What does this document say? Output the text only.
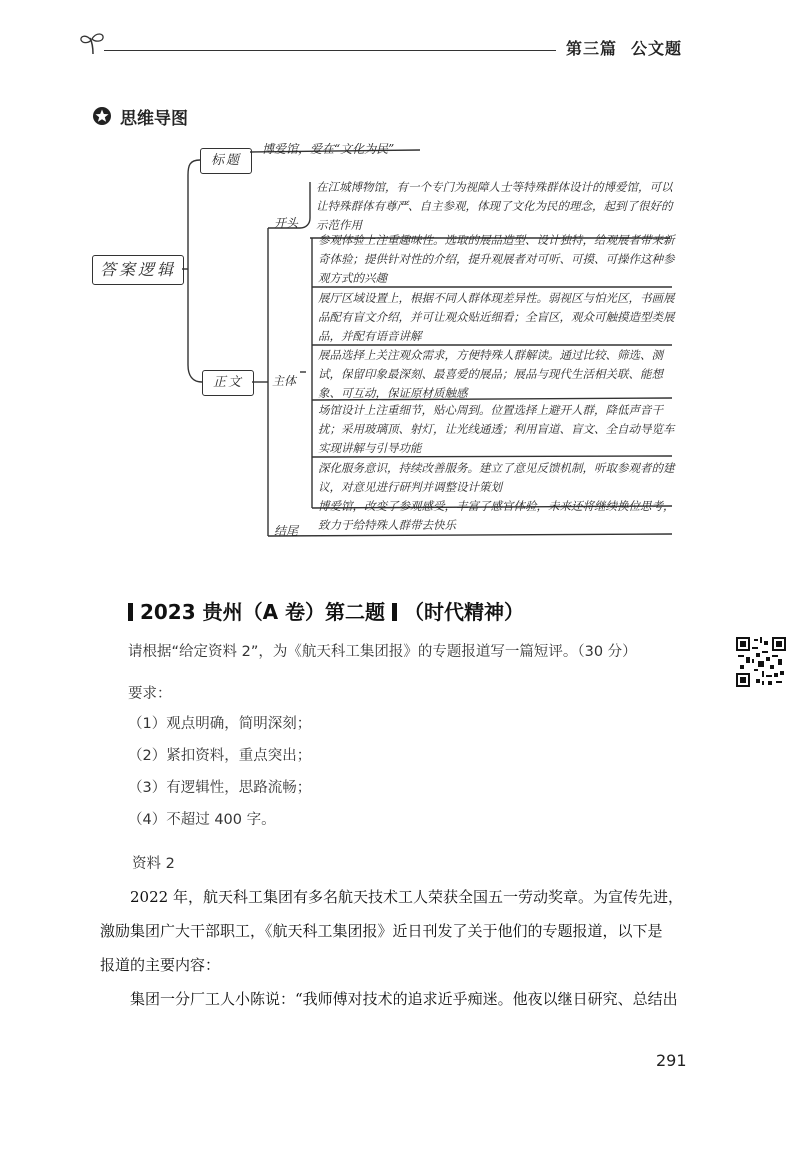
第三篇 公文题
思维导图
答案逻辑
标题
博爱馆，爱在“文化为民”
正文
开头
主体
结尾
在江城博物馆，有一个专门为视障人士等特殊群体设计的博爱馆，可以让特殊群体有尊严、自主参观，体现了文化为民的理念，起到了很好的示范作用
参观体验上注重趣味性。选取的展品造型、设计独特，给观展者带来新奇体验；提供针对性的介绍，提升观展者对可听、可摸、可操作这种参观方式的兴趣
展厅区域设置上，根据不同人群体现差异性。弱视区与怕光区，书画展品配有盲文介绍，并可让观众贴近细看；全盲区，观众可触摸造型类展品，并配有语音讲解
展品选择上关注观众需求，方便特殊人群解读。通过比较、筛选、测试，保留印象最深刻、最喜爱的展品；展品与现代生活相关联、能想象、可互动，保证原材质触感
场馆设计上注重细节，贴心周到。位置选择上避开人群，降低声音干扰；采用玻璃顶、射灯，让光线通透；利用盲道、盲文、全自动导览车实现讲解与引导功能
深化服务意识，持续改善服务。建立了意见反馈机制，听取参观者的建议，对意见进行研判并调整设计策划
博爱馆，改变了参观感受，丰富了感官体验，未来还将继续换位思考，致力于给特殊人群带去快乐
2023 贵州（A 卷）第二题 （时代精神）
请根据“给定资料 2”，为《航天科工集团报》的专题报道写一篇短评。（30 分）
要求：
（1）观点明确，简明深刻；
（2）紧扣资料，重点突出；
（3）有逻辑性，思路流畅；
（4）不超过 400 字。
资料 2
2022 年，航天科工集团有多名航天技术工人荣获全国五一劳动奖章。为宣传先进，
激励集团广大干部职工，《航天科工集团报》近日刊发了关于他们的专题报道，以下是
报道的主要内容：
集团一分厂工人小陈说：“我师傅对技术的追求近乎痴迷。他夜以继日研究、总结出
291
